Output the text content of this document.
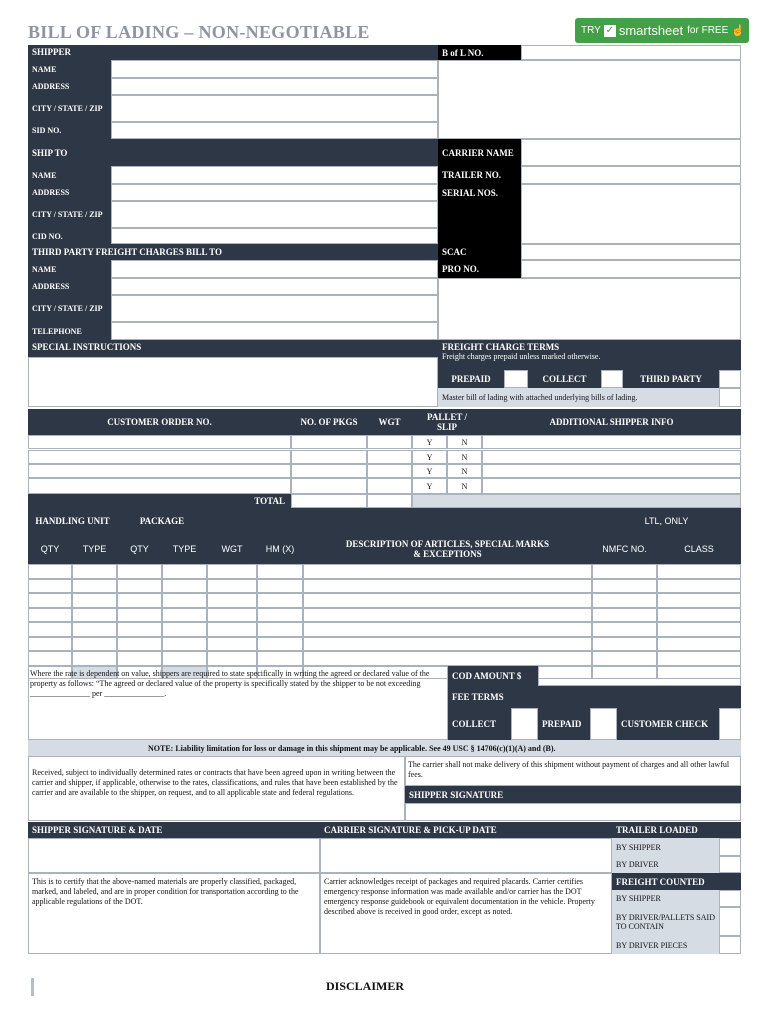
BILL OF LADING – NON-NEGOTIABLE	TRY ✓ smartsheet for FREE ☝
SHIPPER
NAME
ADDRESS
CITY / STATE / ZIP
SID NO.
B of L NO.
SHIP TO
NAME
ADDRESS
CITY / STATE / ZIP
CID NO.
CARRIER NAME
TRAILER NO.
SERIAL NOS.
THIRD PARTY FREIGHT CHARGES BILL TO
NAME
ADDRESS
CITY / STATE / ZIP
TELEPHONE
SCAC
PRO NO.
SPECIAL INSTRUCTIONS	FREIGHT CHARGE TERMS
Freight charges prepaid unless marked otherwise.
PREPAID	COLLECT	THIRD PARTY
Master bill of lading with attached underlying bills of lading.
CUSTOMER ORDER NO.	NO. OF PKGS	WGT	PALLET / SLIP	ADDITIONAL SHIPPER INFO
Y	N
Y	N
Y	N
Y	N
TOTAL
HANDLING UNIT	PACKAGE	LTL, ONLY
QTY	TYPE	QTY	TYPE	WGT	HM (X)	DESCRIPTION OF ARTICLES, SPECIAL MARKS & EXCEPTIONS	NMFC NO.	CLASS
Where the rate is dependent on value, shippers are required to state specifically in writing the agreed or declared value of the property as follows: “The agreed or declared value of the property is specifically stated by the shipper to be not exceeding _______________ per _______________.
COD AMOUNT $
FEE TERMS
COLLECT	PREPAID	CUSTOMER CHECK
NOTE: Liability limitation for loss or damage in this shipment may be applicable. See 49 USC § 14706(c)(1)(A) and (B).
Received, subject to individually determined rates or contracts that have been agreed upon in writing between the carrier and shipper, if applicable, otherwise to the rates, classifications, and rules that have been established by the carrier and are available to the shipper, on request, and to all applicable state and federal regulations.
The carrier shall not make delivery of this shipment without payment of charges and all other lawful fees.
SHIPPER SIGNATURE
SHIPPER SIGNATURE & DATE	CARRIER SIGNATURE & PICK-UP DATE	TRAILER LOADED
BY SHIPPER
BY DRIVER
This is to certify that the above-named materials are properly classified, packaged, marked, and labeled, and are in proper condition for transportation according to the applicable regulations of the DOT.
Carrier acknowledges receipt of packages and required placards. Carrier certifies emergency response information was made available and/or carrier has the DOT emergency response guidebook or equivalent documentation in the vehicle. Property described above is received in good order, except as noted.
FREIGHT COUNTED
BY SHIPPER
BY DRIVER/PALLETS SAID TO CONTAIN
BY DRIVER PIECES
DISCLAIMER
